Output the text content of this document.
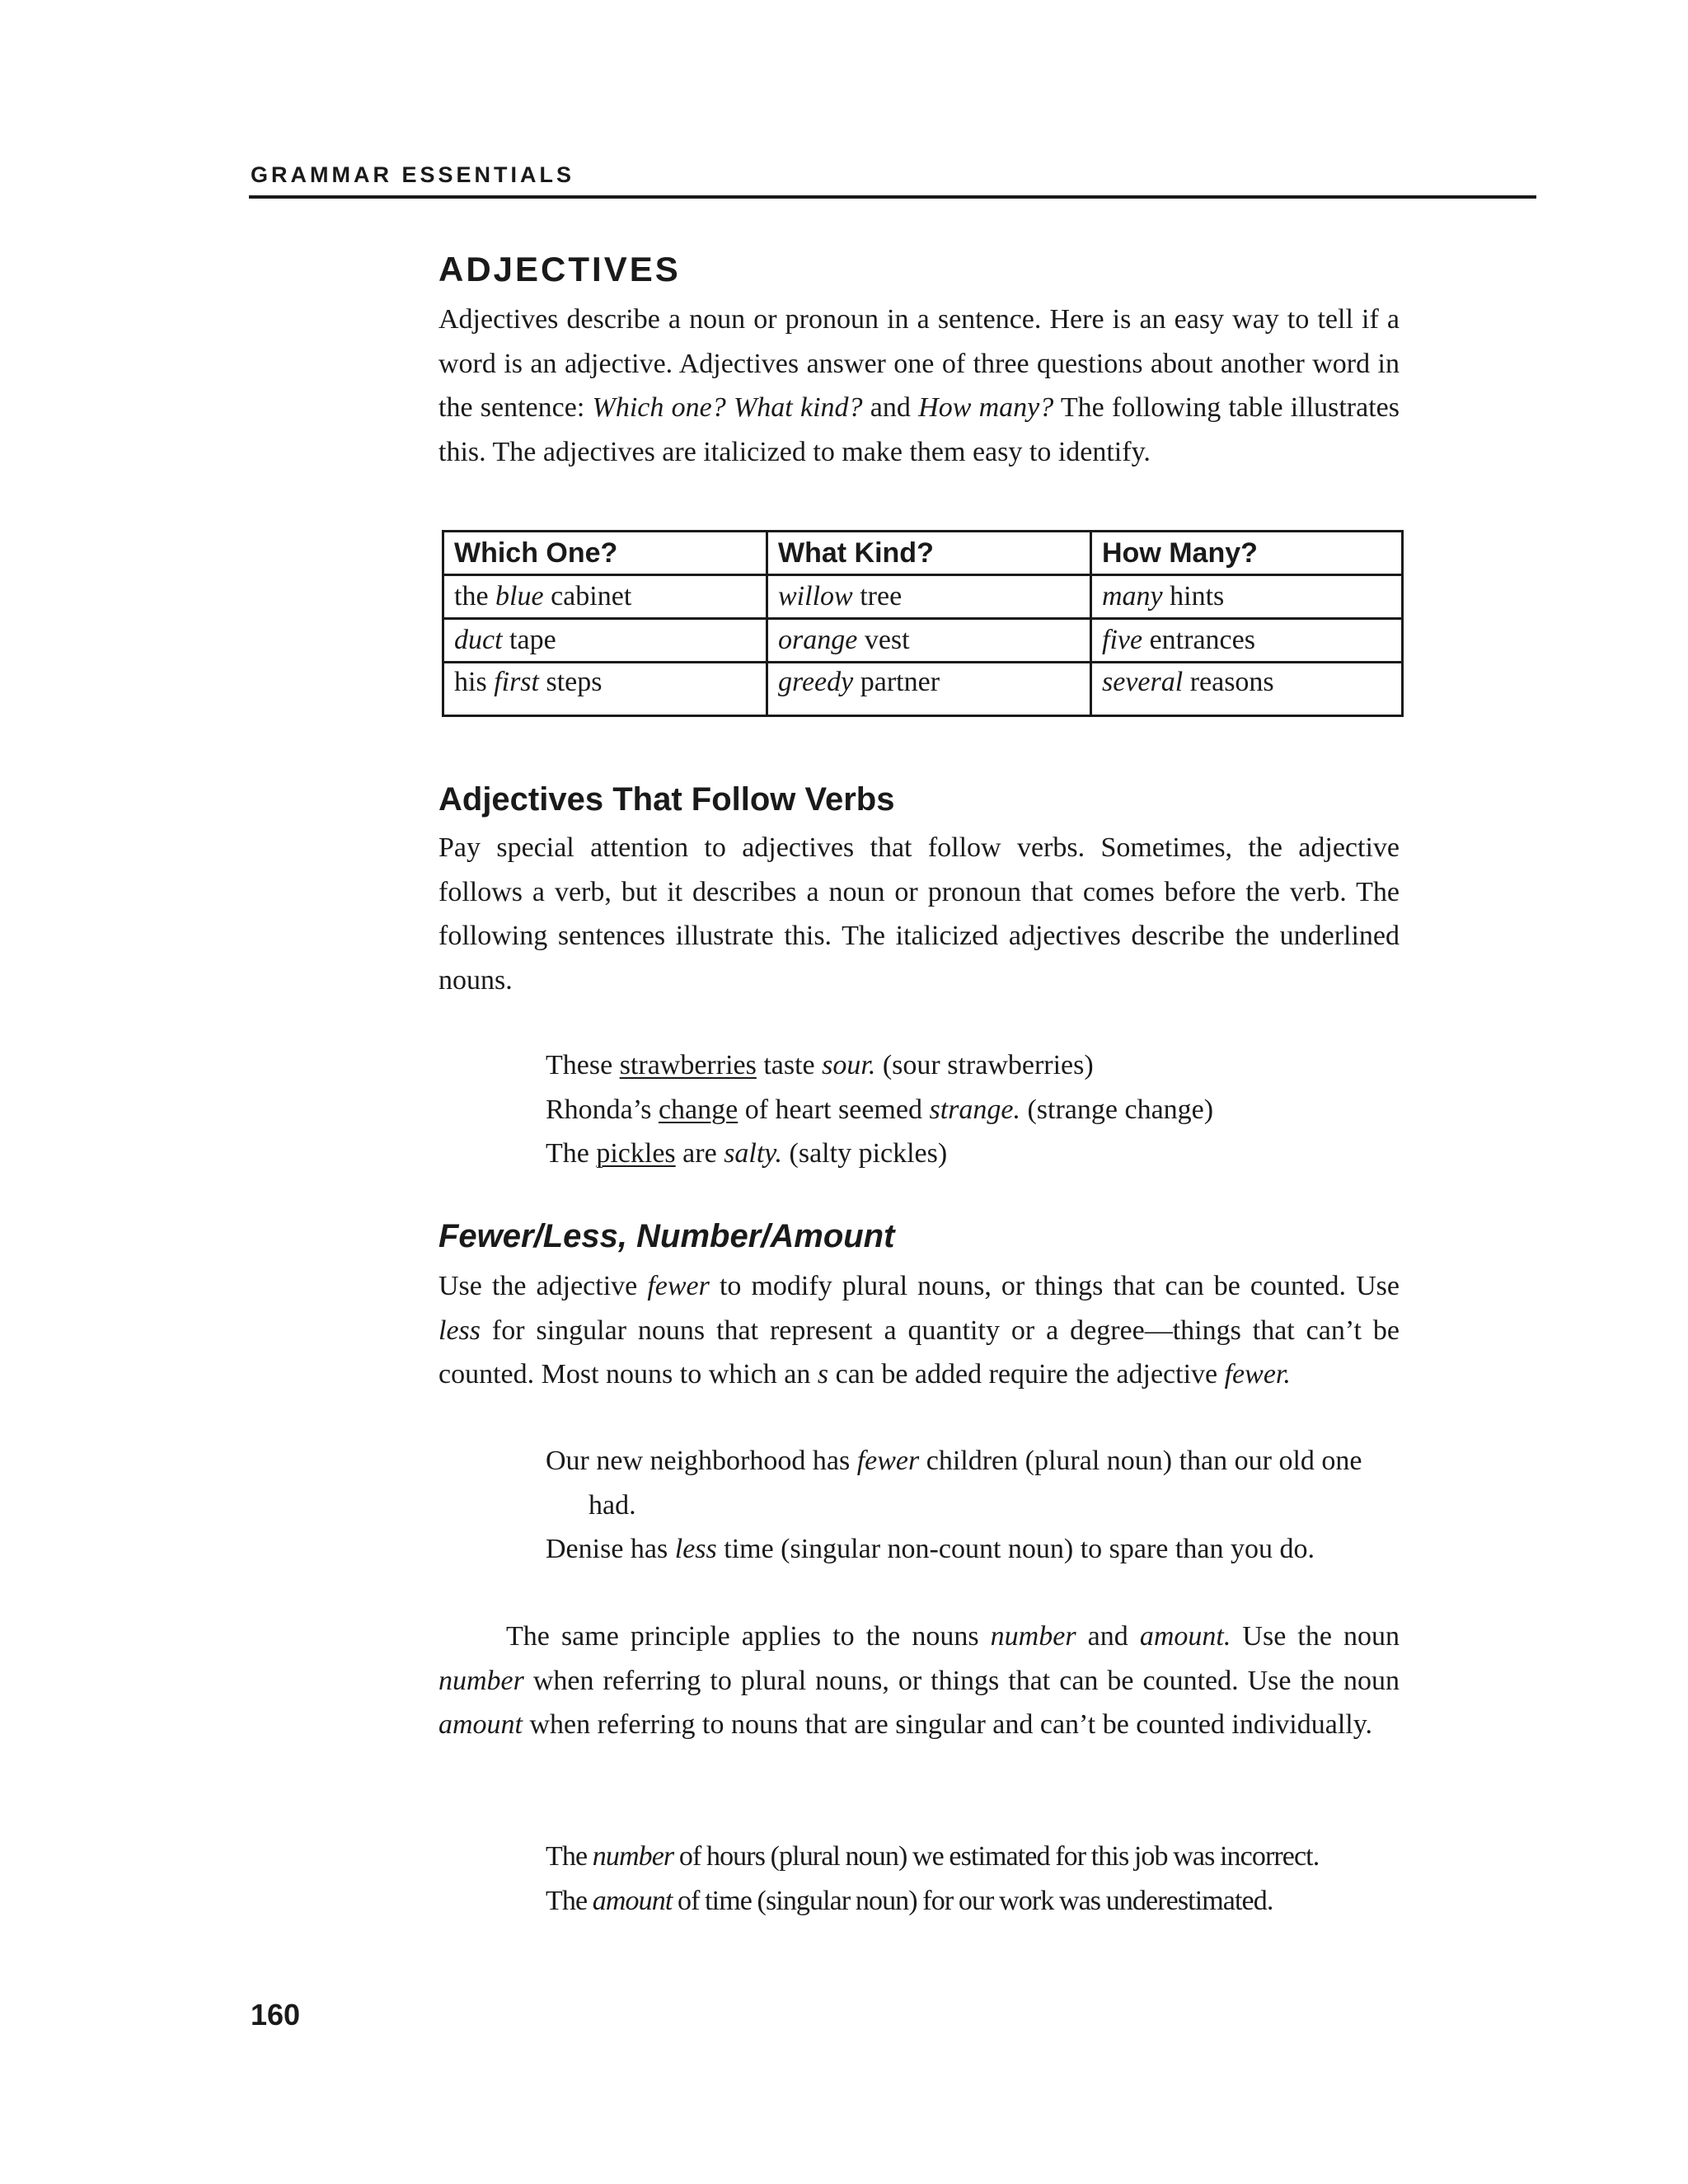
GRAMMAR ESSENTIALS
ADJECTIVES

Adjectives describe a noun or pronoun in a sentence. Here is an easy way to tell if a word is an adjective. Adjectives answer one of three questions about another word in the sentence: Which one? What kind? and How many? The following table illustrates this. The adjectives are italicized to make them easy to identify.

Which One?	What Kind?	How Many?
the blue cabinet	willow tree	many hints
duct tape	orange vest	five entrances
his first steps	greedy partner	several reasons
Adjectives That Follow Verbs

Pay special attention to adjectives that follow verbs. Sometimes, the adjective follows a verb, but it describes a noun or pronoun that comes before the verb. The following sentences illustrate this. The italicized adjectives describe the underlined nouns.

These strawberries taste sour. (sour strawberries)

Rhonda’s change of heart seemed strange. (strange change)

The pickles are salty. (salty pickles)

Fewer/Less, Number/Amount

Use the adjective fewer to modify plural nouns, or things that can be counted. Use less for singular nouns that represent a quantity or a degree—things that can’t be counted. Most nouns to which an s can be added require the adjective fewer.

Our new neighborhood has fewer children (plural noun) than our old one had.

Denise has less time (singular non-count noun) to spare than you do.

The same principle applies to the nouns number and amount. Use the noun number when referring to plural nouns, or things that can be counted. Use the noun amount when referring to nouns that are singular and can’t be counted individually.

The number of hours (plural noun) we estimated for this job was incorrect.

The amount of time (singular noun) for our work was underestimated.

160
